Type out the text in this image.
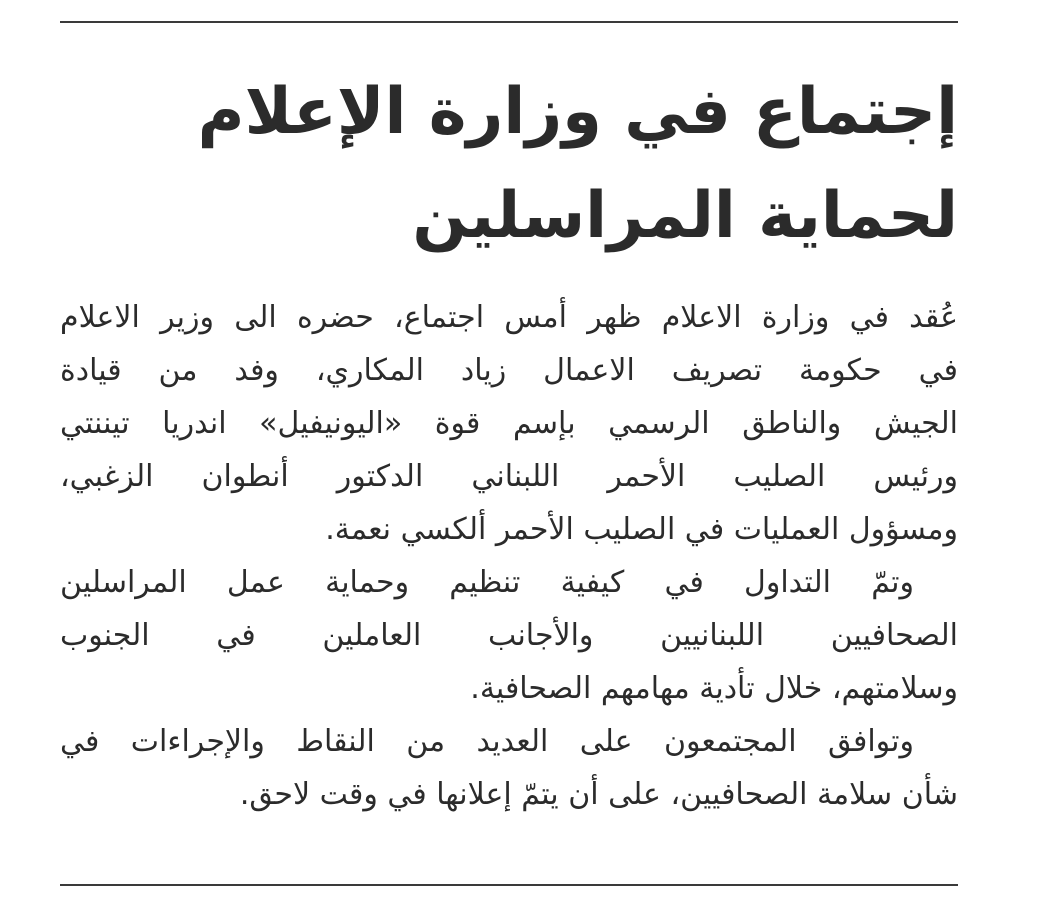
إجتماع في وزارة الإعلام
لحماية المراسلين
عُقد في وزارة الاعلام ظهر أمس اجتماع، حضره الى وزير الاعلام
في حكومة تصريف الاعمال زياد المكاري، وفد من قيادة
الجيش والناطق الرسمي بإسم قوة «اليونيفيل» اندريا تيننتي
ورئيس الصليب الأحمر اللبناني الدكتور أنطوان الزغبي،
ومسؤول العمليات في الصليب الأحمر ألكسي نعمة.
وتمّ التداول في كيفية تنظيم وحماية عمل المراسلين
الصحافيين اللبنانيين والأجانب العاملين في الجنوب
وسلامتهم، خلال تأدية مهامهم الصحافية.
وتوافق المجتمعون على العديد من النقاط والإجراءات في
شأن سلامة الصحافيين، على أن يتمّ إعلانها في وقت لاحق.
